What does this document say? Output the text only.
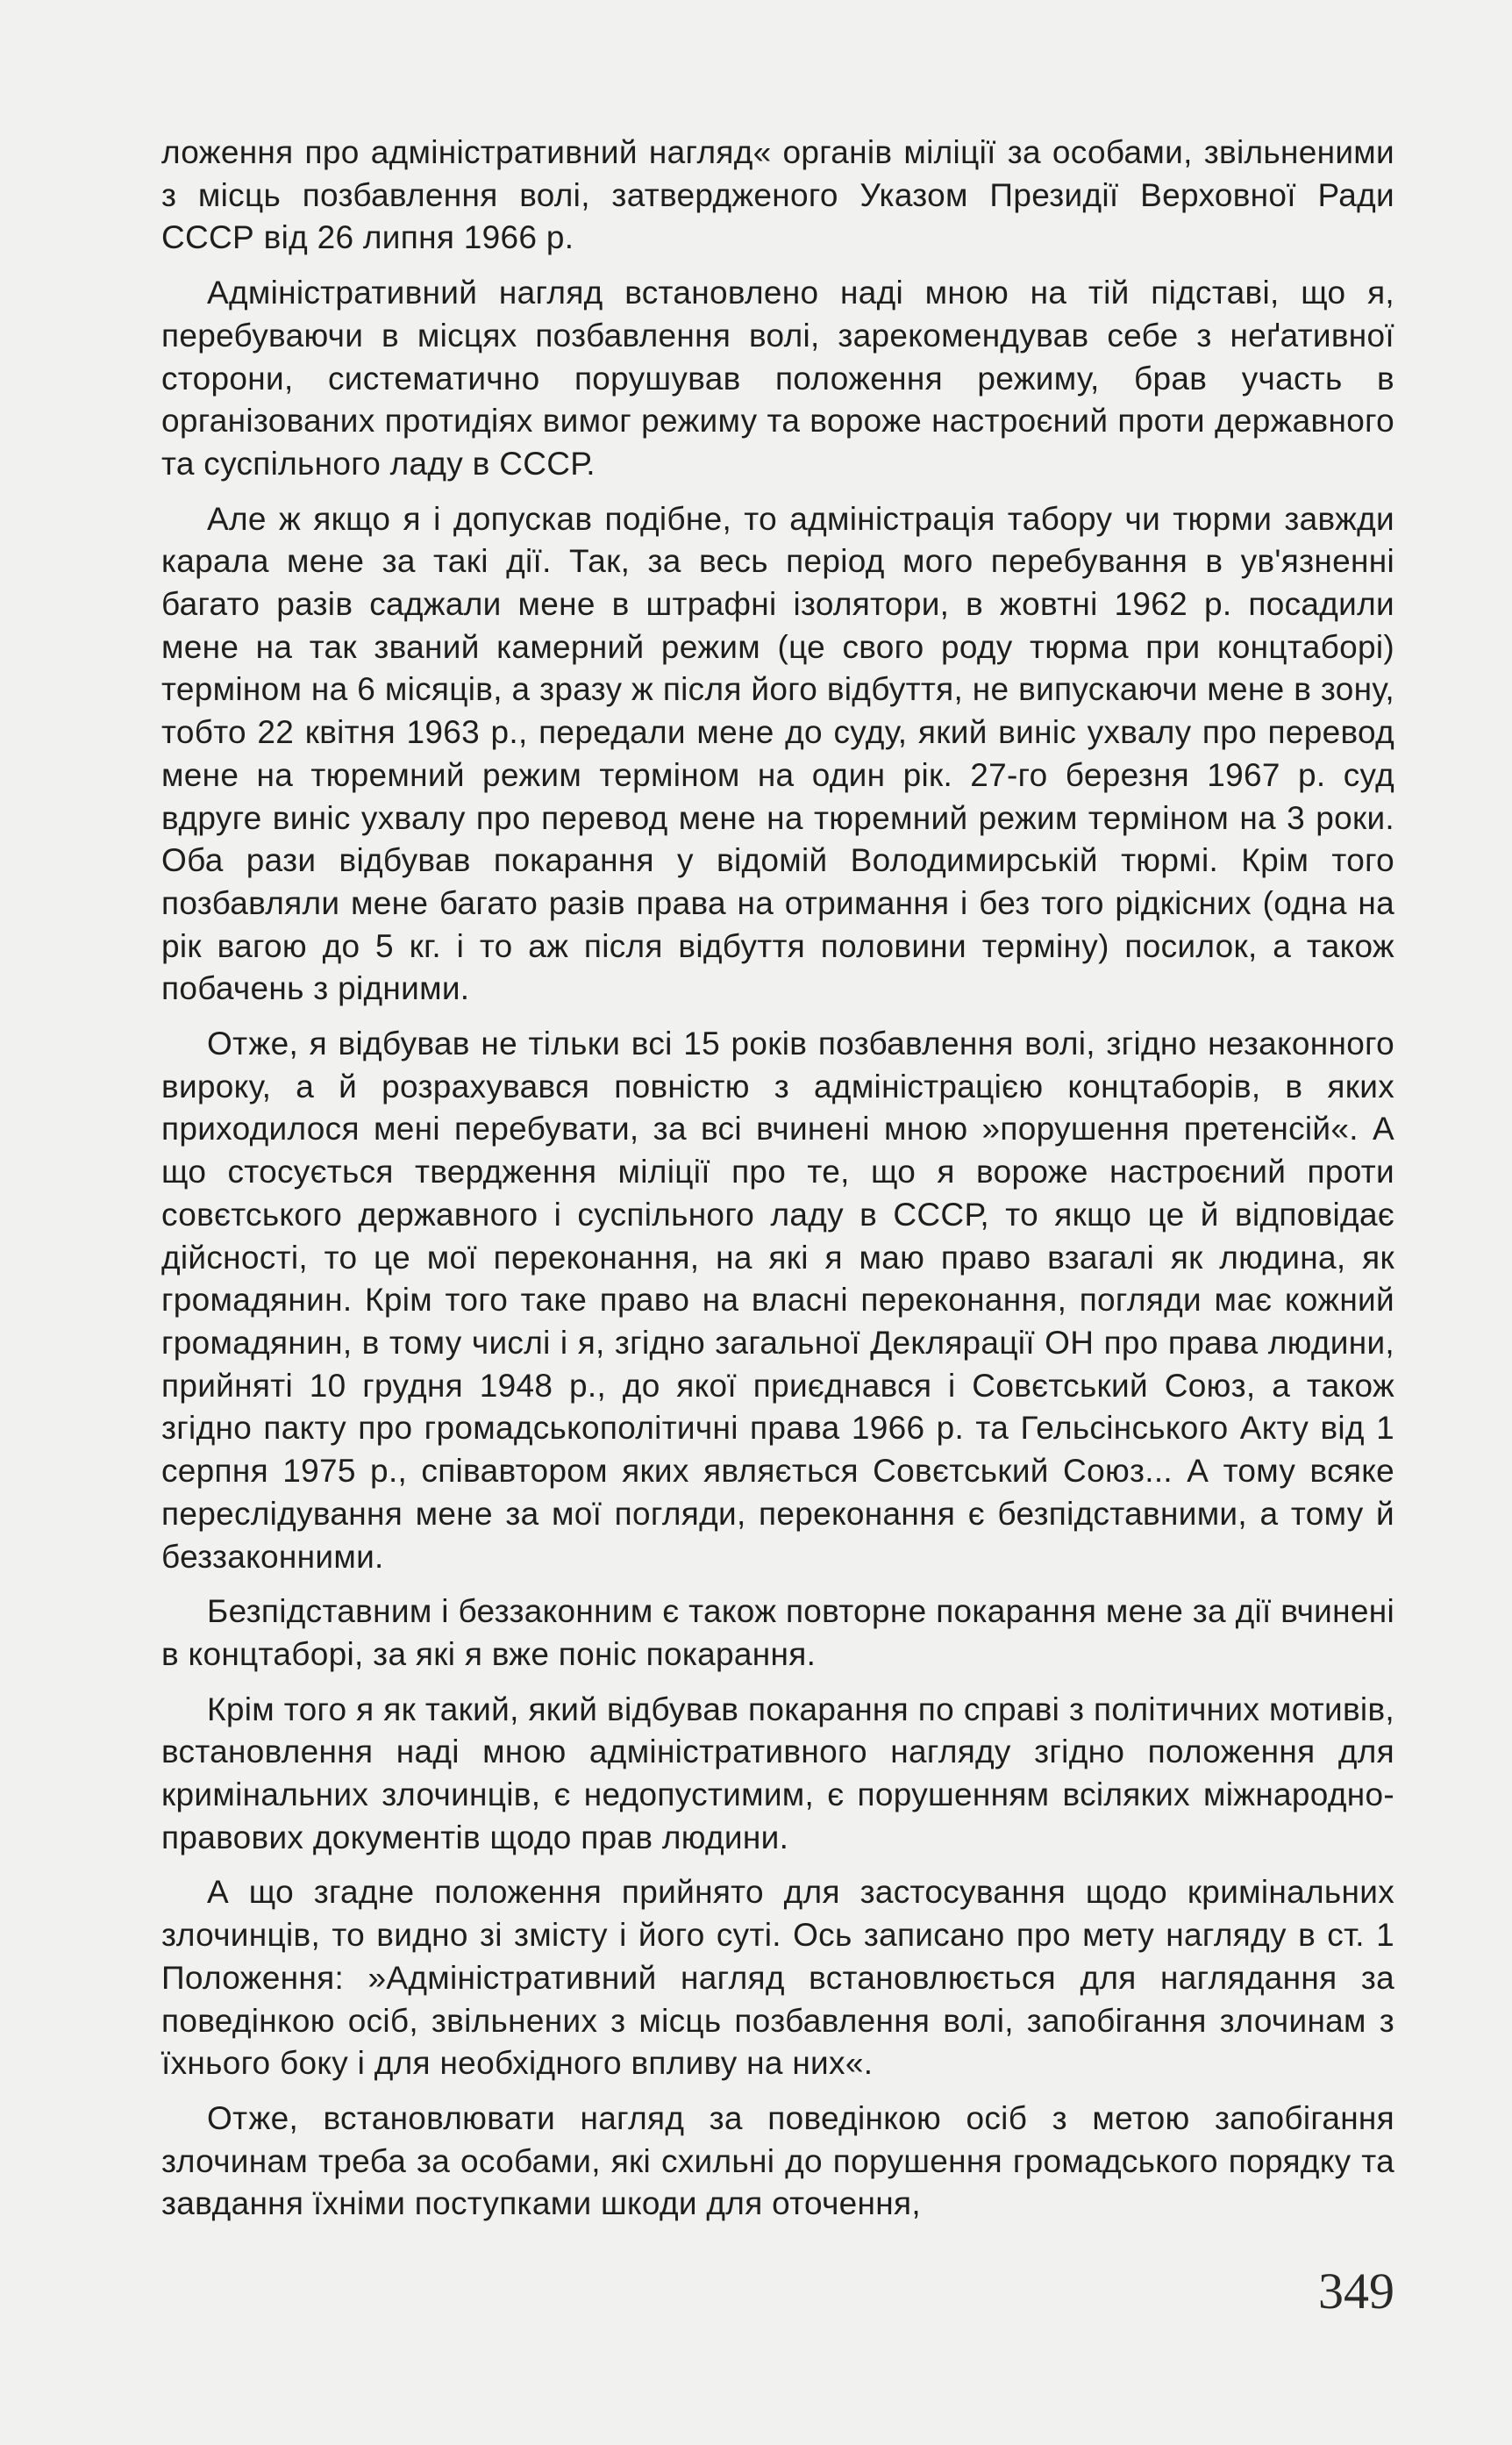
ложення про адміністративний нагляд« органів міліції за особами, звільненими з місць позбавлення волі, затвердженого Указом Президії Верховної Ради СССР від 26 липня 1966 р.

Адміністративний нагляд встановлено наді мною на тій підставі, що я, перебуваючи в місцях позбавлення волі, зарекомендував себе з неґативної сторони, систематично порушував положення режиму, брав участь в організованих протидіях вимог режиму та вороже настроєний проти державного та суспільного ладу в СССР.

Але ж якщо я і допускав подібне, то адміністрація табору чи тюрми завжди карала мене за такі дії. Так, за весь період мого перебування в ув'язненні багато разів саджали мене в штрафні ізолятори, в жовтні 1962 р. посадили мене на так званий камерний режим (це свого роду тюрма при концтаборі) терміном на 6 місяців, а зразу ж після його відбуття, не випускаючи мене в зону, тобто 22 квітня 1963 р., передали мене до суду, який виніс ухвалу про перевод мене на тюремний режим терміном на один рік. 27-го березня 1967 р. суд вдруге виніс ухвалу про перевод мене на тюремний режим терміном на 3 роки. Оба рази відбував покарання у відомій Володимирській тюрмі. Крім того позбавляли мене багато разів права на отримання і без того рідкісних (одна на рік вагою до 5 кг. і то аж після відбуття половини терміну) посилок, а також побачень з рідними.

Отже, я відбував не тільки всі 15 років позбавлення волі, згідно незаконного вироку, а й розрахувався повністю з адміністрацією концтаборів, в яких приходилося мені перебувати, за всі вчинені мною »порушення претенсій«. А що стосується твердження міліції про те, що я вороже настроєний проти совєтського державного і суспільного ладу в СССР, то якщо це й відповідає дійсності, то це мої переконання, на які я маю право взагалі як людина, як громадянин. Крім того таке право на власні переконання, погляди має кожний громадянин, в тому числі і я, згідно загальної Деклярації ОН про права людини, прийняті 10 грудня 1948 р., до якої приєднався і Совєтський Союз, а також згідно пакту про громадськополітичні права 1966 р. та Гельсінського Акту від 1 серпня 1975 р., співавтором яких являється Совєтський Союз... А тому всяке переслідування мене за мої погляди, переконання є безпідставними, а тому й беззаконними.

Безпідставним і беззаконним є також повторне покарання мене за дії вчинені в концтаборі, за які я вже поніс покарання.

Крім того я як такий, який відбував покарання по справі з політичних мотивів, встановлення наді мною адміністративного нагляду згідно положення для кримінальних злочинців, є недопустимим, є порушенням всіляких міжнародно-правових документів щодо прав людини.

А що згадне положення прийнято для застосування щодо кримінальних злочинців, то видно зі змісту і його суті. Ось записано про мету нагляду в ст. 1 Положення: »Адміністративний нагляд встановлюється для наглядання за поведінкою осіб, звільнених з місць позбавлення волі, запобігання злочинам з їхнього боку і для необхідного впливу на них«.

Отже, встановлювати нагляд за поведінкою осіб з метою запобігання злочинам треба за особами, які схильні до порушення громадського порядку та завдання їхніми поступками шкоди для оточення,

349
